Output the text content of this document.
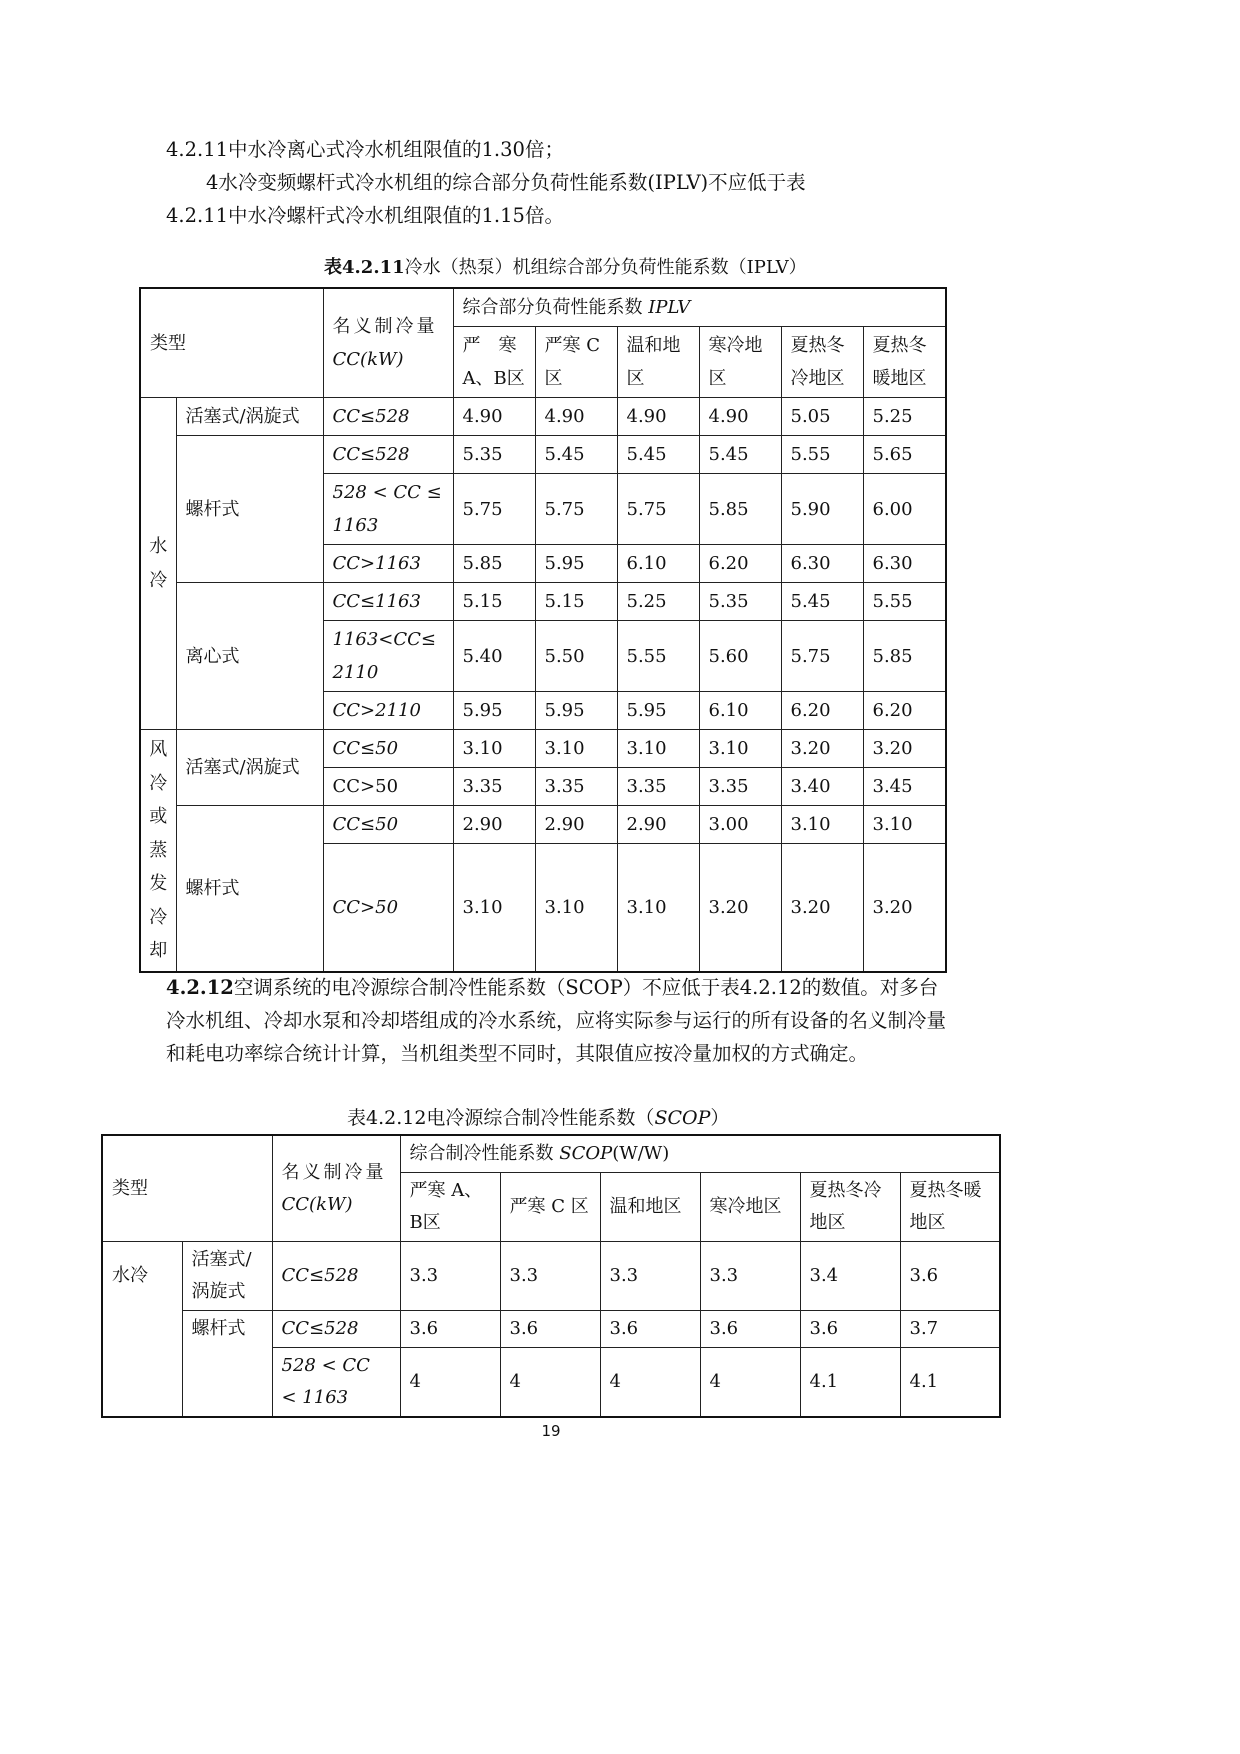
4.2.11中水冷离心式冷水机组限值的1.30倍；

4水冷变频螺杆式冷水机组的综合部分负荷性能系数(IPLV)不应低于表

4.2.11中水冷螺杆式冷水机组限值的1.15倍。

表4.2.11冷水（热泵）机组综合部分负荷性能系数（IPLV）
类型		名义制冷量
CC(kW)	综合部分负荷性能系数 IPLV					
			严　寒A、B区	严寒 C区	温和地区	寒冷地区	夏热冬冷地区	夏热冬暖地区
水冷	活塞式/涡旋式	CC≤528	4.90	4.90	4.90	4.90	5.05	5.25
	螺杆式	CC≤528	5.35	5.45	5.45	5.45	5.55	5.65
		528 < CC ≤ 1163	5.75	5.75	5.75	5.85	5.90	6.00
		CC>1163	5.85	5.95	6.10	6.20	6.30	6.30
	离心式	CC≤1163	5.15	5.15	5.25	5.35	5.45	5.55
		1163<CC≤ 2110	5.40	5.50	5.55	5.60	5.75	5.85
		CC>2110	5.95	5.95	5.95	6.10	6.20	6.20
风冷或蒸发冷却	活塞式/涡旋式	CC≤50	3.10	3.10	3.10	3.10	3.20	3.20
		CC>50	3.35	3.35	3.35	3.35	3.40	3.45
	螺杆式	CC≤50	2.90	2.90	2.90	3.00	3.10	3.10
		CC>50	3.10	3.10	3.10	3.20	3.20	3.20

4.2.12空调系统的电冷源综合制冷性能系数（SCOP）不应低于表4.2.12的数值。对多台冷水机组、冷却水泵和冷却塔组成的冷水系统，应将实际参与运行的所有设备的名义制冷量和耗电功率综合统计计算，当机组类型不同时，其限值应按冷量加权的方式确定。

表4.2.12电冷源综合制冷性能系数（SCOP）
类型		名义制冷量
CC(kW)	综合制冷性能系数 SCOP(W/W)					
			严寒 A、B区	严寒 C 区	温和地区	寒冷地区	夏热冬冷地区	夏热冬暖地区
水冷	活塞式/涡旋式	CC≤528	3.3	3.3	3.3	3.3	3.4	3.6
	螺杆式	CC≤528	3.6	3.6	3.6	3.6	3.6	3.7
		528 < CC < 1163	4	4	4	4	4.1	4.1
19
